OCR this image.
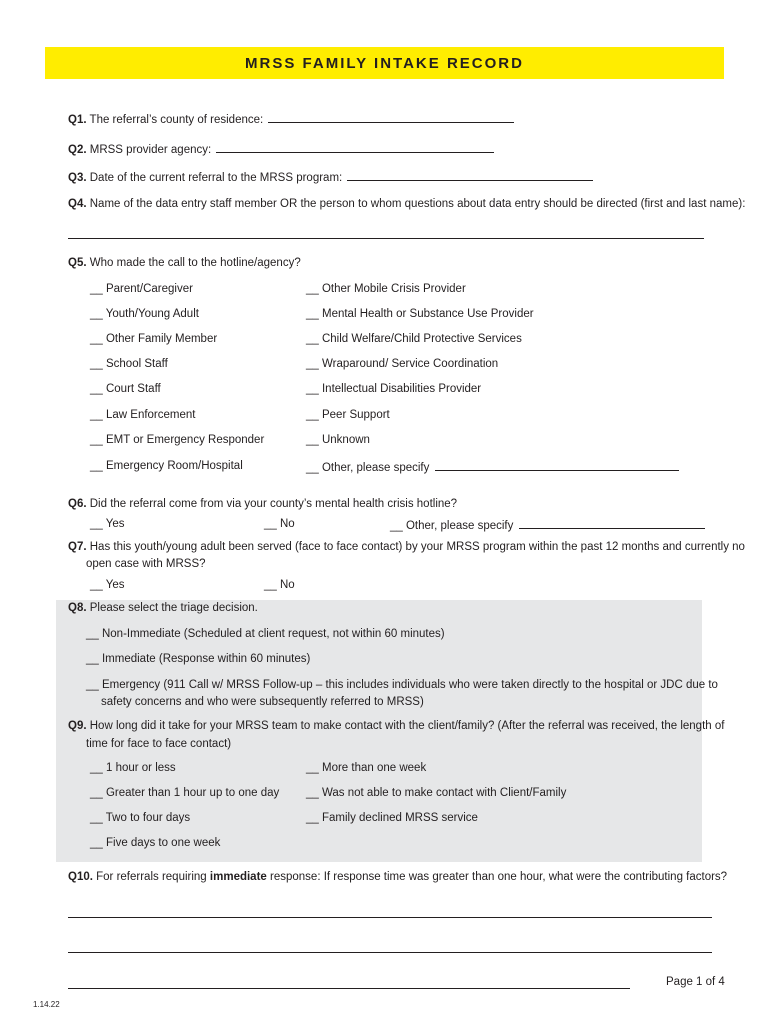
MRSS FAMILY INTAKE RECORD
Q1. The referral’s county of residence:
Q2. MRSS provider agency:
Q3. Date of the current referral to the MRSS program:
Q4. Name of the data entry staff member OR the person to whom questions about data entry should be directed (first and last name):
Q5. Who made the call to the hotline/agency?
__ Parent/Caregiver
__ Youth/Young Adult
__ Other Family Member
__ School Staff
__ Court Staff
__ Law Enforcement
__ EMT or Emergency Responder
__ Emergency Room/Hospital
__ Other Mobile Crisis Provider
__ Mental Health or Substance Use Provider
__ Child Welfare/Child Protective Services
__ Wraparound/ Service Coordination
__ Intellectual Disabilities Provider
__ Peer Support
__ Unknown
__ Other, please specify
Q6. Did the referral come from via your county’s mental health crisis hotline?
__ Yes	__ No	__ Other, please specify
Q7. Has this youth/young adult been served (face to face contact) by your MRSS program within the past 12 months and currently no
open case with MRSS?
__ Yes	__ No
Q8. Please select the triage decision.
__ Non-Immediate (Scheduled at client request, not within 60 minutes)
__ Immediate (Response within 60 minutes)
__ Emergency (911 Call w/ MRSS Follow-up – this includes individuals who were taken directly to the hospital or JDC due to
safety concerns and who were subsequently referred to MRSS)
Q9. How long did it take for your MRSS team to make contact with the client/family? (After the referral was received, the length of
time for face to face contact)
__ 1 hour or less
__ Greater than 1 hour up to one day
__ Two to four days
__ Five days to one week
__ More than one week
__ Was not able to make contact with Client/Family
__ Family declined MRSS service
Q10. For referrals requiring immediate response: If response time was greater than one hour, what were the contributing factors?
Page 1 of 4
1.14.22
